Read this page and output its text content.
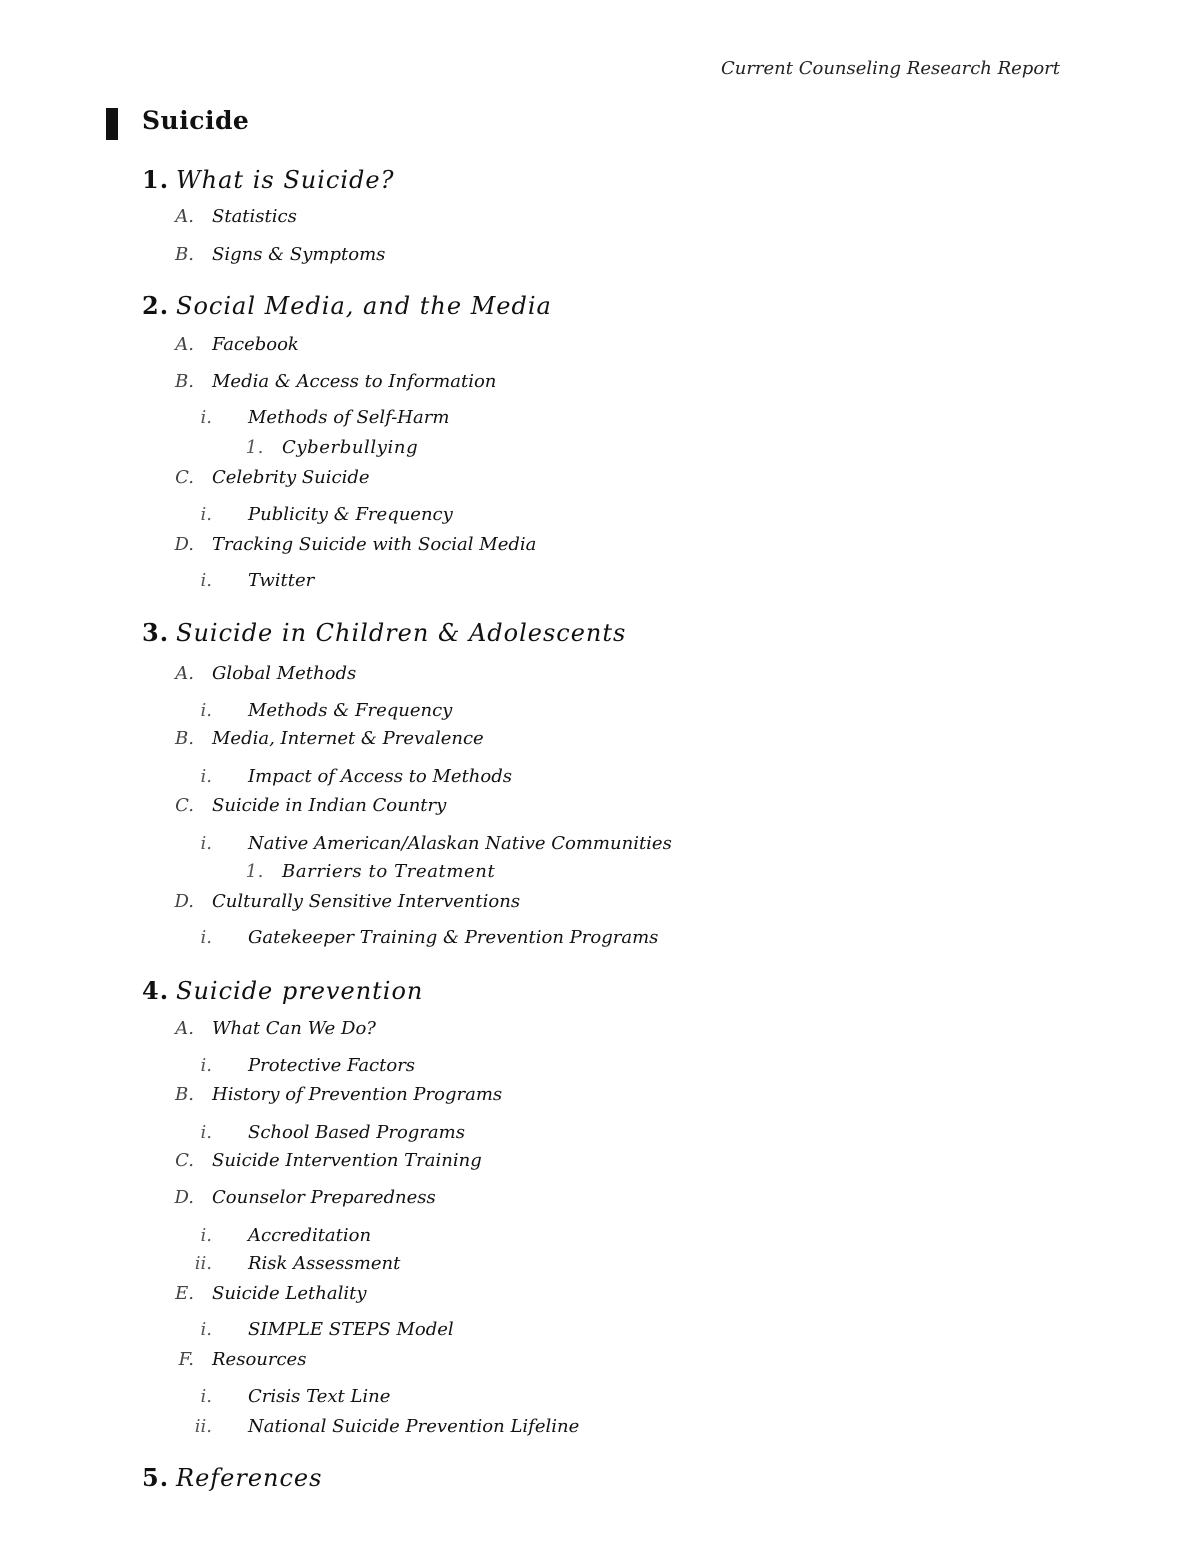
Current Counseling Research Report
Suicide
1. What is Suicide?
A. Statistics
B. Signs & Symptoms
2. Social Media, and the Media
A. Facebook
B. Media & Access to Information
i. Methods of Self-Harm
1. Cyberbullying
C. Celebrity Suicide
i. Publicity & Frequency
D. Tracking Suicide with Social Media
i. Twitter
3. Suicide in Children & Adolescents
A. Global Methods
i. Methods & Frequency
B. Media, Internet & Prevalence
i. Impact of Access to Methods
C. Suicide in Indian Country
i. Native American/Alaskan Native Communities
1. Barriers to Treatment
D. Culturally Sensitive Interventions
i. Gatekeeper Training & Prevention Programs
4. Suicide prevention
A. What Can We Do?
i. Protective Factors
B. History of Prevention Programs
i. School Based Programs
C. Suicide Intervention Training
D. Counselor Preparedness
i. Accreditation
ii. Risk Assessment
E. Suicide Lethality
i. SIMPLE STEPS Model
F. Resources
i. Crisis Text Line
ii. National Suicide Prevention Lifeline
5. References
